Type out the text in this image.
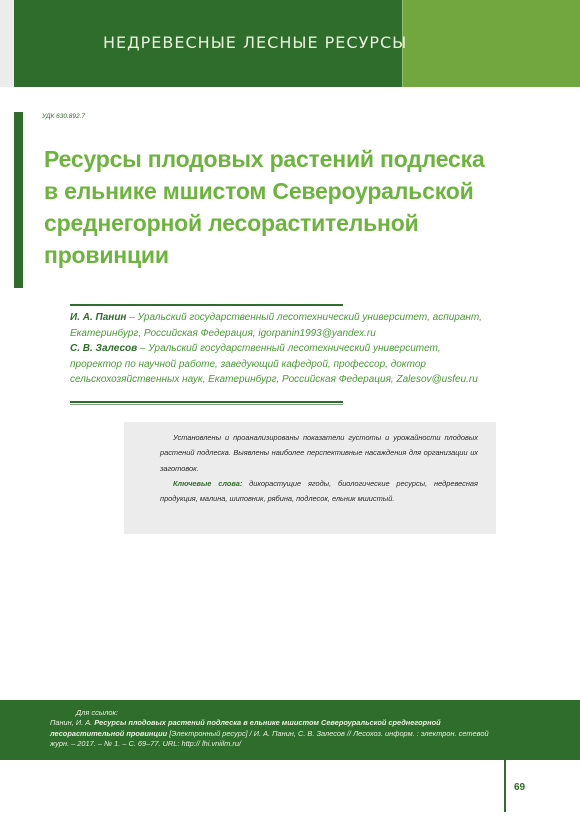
НЕДРЕВЕСНЫЕ ЛЕСНЫЕ РЕСУРСЫ
УДК 630.892.7
Ресурсы плодовых растений подлеска
в ельнике мшистом Североуральской
среднегорной лесорастительной
провинции
И. А. Панин – Уральский государственный лесотехнический университет, аспирант, Екатеринбург, Российская Федерация, igorpanin1993@yandex.ru
С. В. Залесов – Уральский государственный лесотехнический университет, проректор по научной работе, заведующий кафедрой, профессор, доктор сельскохозяйственных наук, Екатеринбург, Российская Федерация, Zalesov@usfeu.ru

Установлены и проанализированы показатели густоты и урожайности плодовых растений подлеска. Выявлены наиболее перспективные насаждения для организации их заготовок.

Ключевые слова: дикорастущие ягоды, биологические ресурсы, недревесная продукция, малина, шиповник, рябина, подлесок, ельник мшистый.

Для ссылок:
Панин, И. А. Ресурсы плодовых растений подлеска в ельнике мшистом Североуральской среднегорной лесорастительной провинции [Электронный ресурс] / И. А. Панин, С. В. Залесов // Лесохоз. информ. : электрон. сетевой журн. – 2017. – № 1. – С. 69–77. URL: http:// lhi.vniilm.ru/
69
